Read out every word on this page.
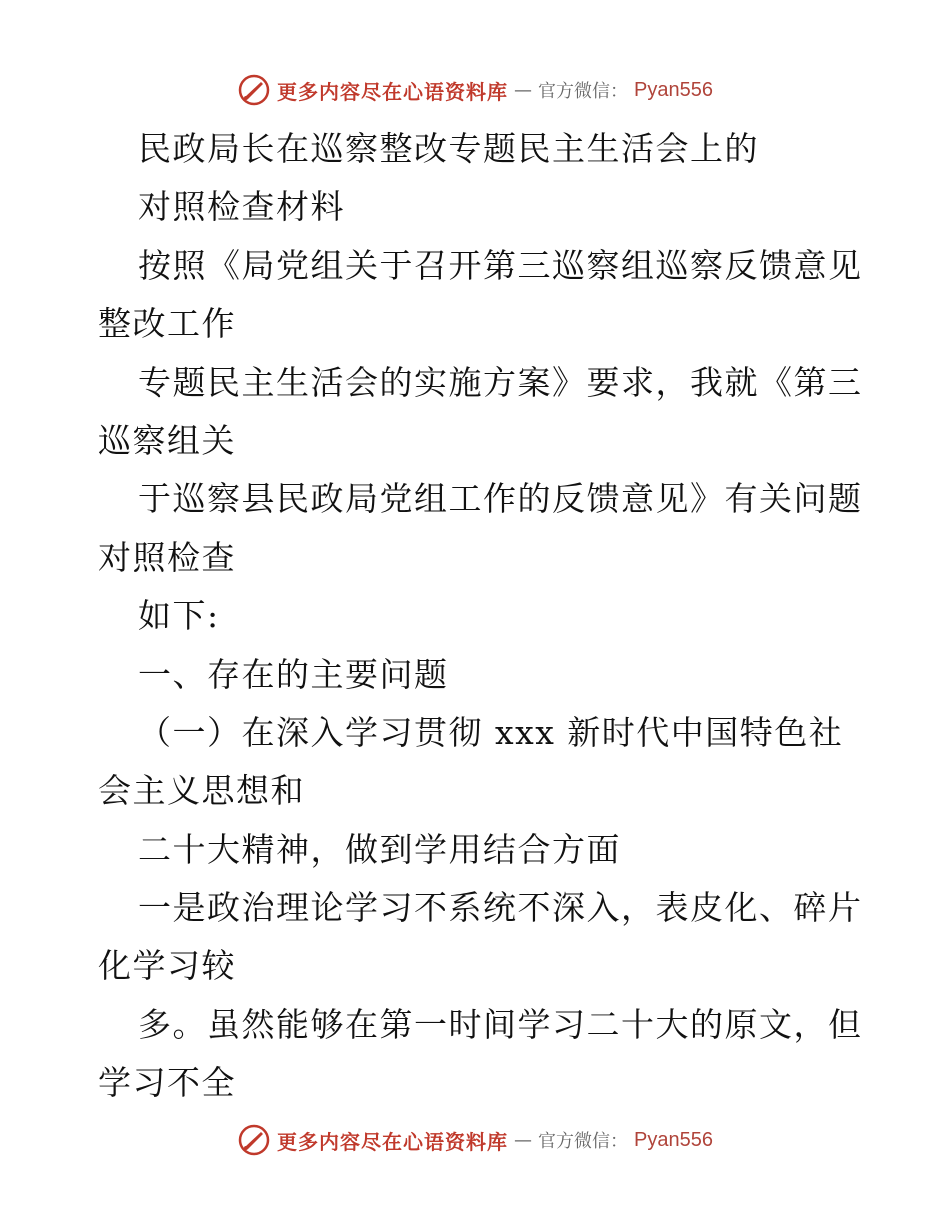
更多内容尽在心语资料库 — 官方微信： Pyan556
民政局长在巡察整改专题民主生活会上的
对照检查材料
按照《局党组关于召开第三巡察组巡察反馈意见
整改工作
专题民主生活会的实施方案》要求，我就《第三
巡察组关
于巡察县民政局党组工作的反馈意见》有关问题
对照检查
如下:
一、存在的主要问题
（一）在深入学习贯彻 xxx 新时代中国特色社
会主义思想和
二十大精神，做到学用结合方面
一是政治理论学习不系统不深入，表皮化、碎片
化学习较
多。虽然能够在第一时间学习二十大的原文，但
学习不全
更多内容尽在心语资料库 — 官方微信： Pyan556
